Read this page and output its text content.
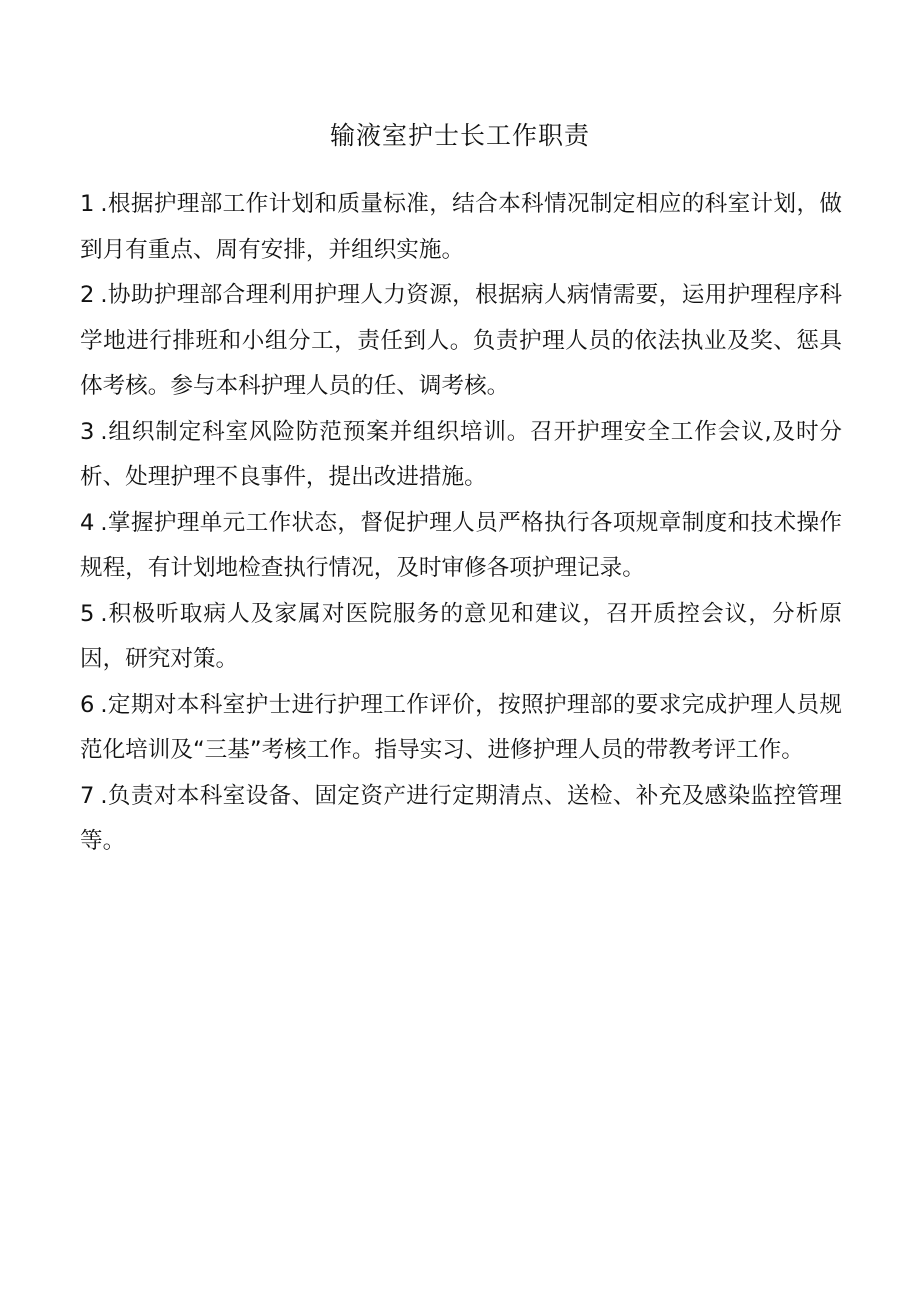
输液室护士长工作职责
1 .根据护理部工作计划和质量标准，结合本科情况制定相应的科室计划，做到月有重点、周有安排，并组织实施。
2 .协助护理部合理利用护理人力资源，根据病人病情需要，运用护理程序科学地进行排班和小组分工，责任到人。负责护理人员的依法执业及奖、惩具体考核。参与本科护理人员的任、调考核。
3 .组织制定科室风险防范预案并组织培训。召开护理安全工作会议,及时分析、处理护理不良事件，提出改进措施。
4 .掌握护理单元工作状态，督促护理人员严格执行各项规章制度和技术操作规程，有计划地检查执行情况，及时审修各项护理记录。
5 .积极听取病人及家属对医院服务的意见和建议，召开质控会议，分析原因，研究对策。
6 .定期对本科室护士进行护理工作评价，按照护理部的要求完成护理人员规范化培训及“三基”考核工作。指导实习、进修护理人员的带教考评工作。
7 .负责对本科室设备、固定资产进行定期清点、送检、补充及感染监控管理等。
